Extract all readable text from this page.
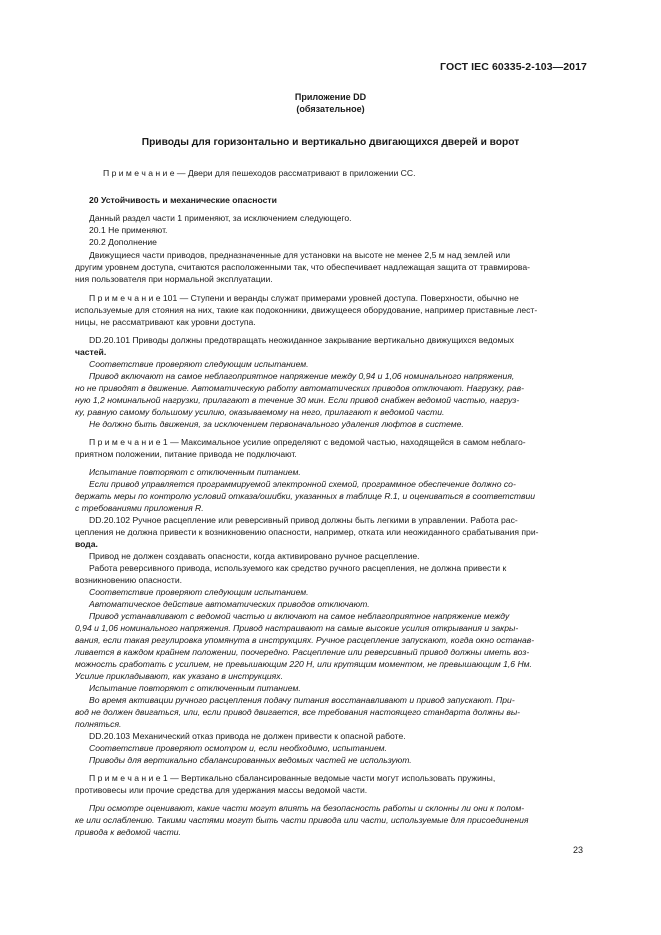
ГОСТ IEC 60335-2-103—2017
Приложение DD
(обязательное)
Приводы для горизонтально и вертикально двигающихся дверей и ворот
П р и м е ч а н и е — Двери для пешеходов рассматривают в приложении СС.
20 Устойчивость и механические опасности
Данный раздел части 1 применяют, за исключением следующего.
20.1 Не применяют.
20.2 Дополнение
Движущиеся части приводов, предназначенные для установки на высоте не менее 2,5 м над землей или
другим уровнем доступа, считаются расположенными так, что обеспечивает надлежащая защита от травмирова-
ния пользователя при нормальной эксплуатации.
П р и м е ч а н и е 101 — Ступени и веранды служат примерами уровней доступа. Поверхности, обычно не
используемые для стояния на них, такие как подоконники, движущееся оборудование, например приставные лест-
ницы, не рассматривают как уровни доступа.
DD.20.101 Приводы должны предотвращать неожиданное закрывание вертикально движущихся ведомых
частей.
Соответствие проверяют следующим испытанием.
Привод включают на самое неблагоприятное напряжение между 0,94 и 1,06 номинального напряжения,
но не приводят в движение. Автоматическую работу автоматических приводов отключают. Нагрузку, рав-
ную 1,2 номинальной нагрузки, прилагают в течение 30 мин. Если привод снабжен ведомой частью, нагруз-
ку, равную самому большому усилию, оказываемому на него, прилагают к ведомой части.
Не должно быть движения, за исключением первоначального удаления люфтов в системе.
П р и м е ч а н и е 1 — Максимальное усилие определяют с ведомой частью, находящейся в самом неблаго-
приятном положении, питание привода не подключают.
Испытание повторяют с отключенным питанием.
Если привод управляется программируемой электронной схемой, программное обеспечение должно со-
держать меры по контролю условий отказа/ошибки, указанных в таблице R.1, и оцениваться в соответствии
с требованиями приложения R.
DD.20.102 Ручное расцепление или реверсивный привод должны быть легкими в управлении. Работа рас-
цепления не должна привести к возникновению опасности, например, отката или неожиданного срабатывания при-
вода.
Привод не должен создавать опасности, когда активировано ручное расцепление.
Работа реверсивного привода, используемого как средство ручного расцепления, не должна привести к
возникновению опасности.
Соответствие проверяют следующим испытанием.
Автоматическое действие автоматических приводов отключают.
Привод устанавливают с ведомой частью и включают на самое неблагоприятное напряжение между
0,94 и 1,06 номинального напряжения. Привод настраивают на самые высокие усилия открывания и закры-
вания, если такая регулировка упомянута в инструкциях. Ручное расцепление запускают, когда окно останав-
ливается в каждом крайнем положении, поочередно. Расцепление или реверсивный привод должны иметь воз-
можность сработать с усилием, не превышающим 220 Н, или крутящим моментом, не превышающим 1,6 Нм.
Усилие прикладывают, как указано в инструкциях.
Испытание повторяют с отключенным питанием.
Во время активации ручного расцепления подачу питания восстанавливают и привод запускают. При-
вод не должен двигаться, или, если привод двигается, все требования настоящего стандарта должны вы-
полняться.
DD.20.103 Механический отказ привода не должен привести к опасной работе.
Соответствие проверяют осмотром и, если необходимо, испытанием.
Приводы для вертикально сбалансированных ведомых частей не используют.
П р и м е ч а н и е 1 — Вертикально сбалансированные ведомые части могут использовать пружины,
противовесы или прочие средства для удержания массы ведомой части.
При осмотре оценивают, какие части могут влиять на безопасность работы и склонны ли они к полом-
ке или ослаблению. Такими частями могут быть части привода или части, используемые для присоединения
привода к ведомой части.
23
